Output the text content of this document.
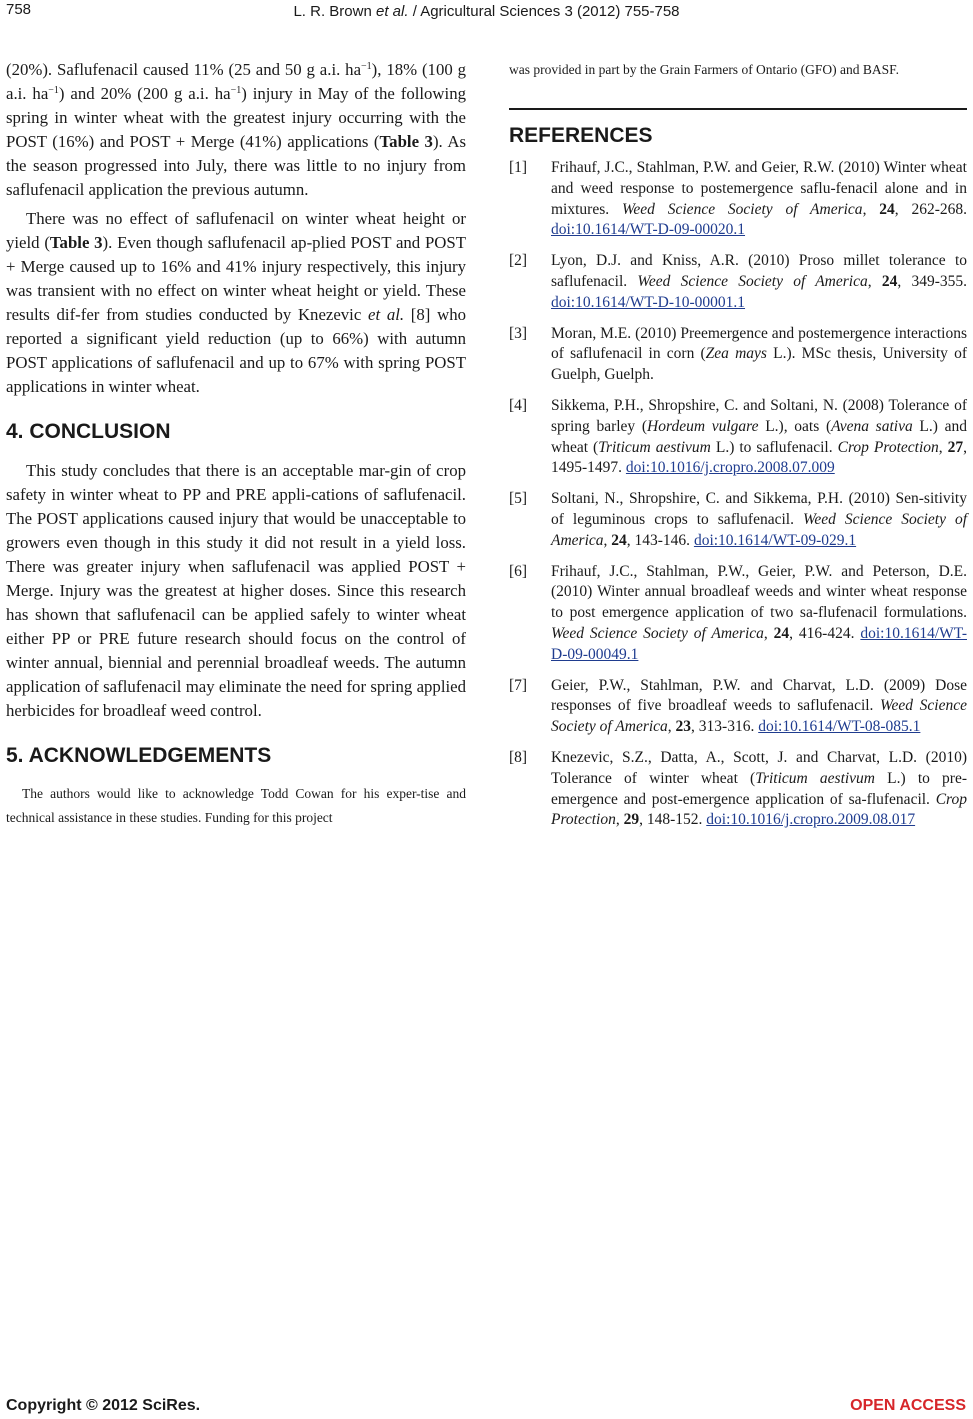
758	L. R. Brown et al. / Agricultural Sciences 3 (2012) 755-758

(20%). Saflufenacil caused 11% (25 and 50 g a.i. $ha^{-1}$), 18% (100 g a.i. $ha^{-1}$) and 20% (200 g a.i. $ha^{-1}$) injury in May of the following spring in winter wheat with the greatest injury occurring with the POST (16%) and POST + Merge (41%) applications (Table 3). As the season progressed into July, there was little to no injury from saflufenacil application the previous autumn.

There was no effect of saflufenacil on winter wheat height or yield (Table 3). Even though saflufenacil ap-plied POST and POST + Merge caused up to 16% and 41% injury respectively, this injury was transient with no effect on winter wheat height or yield. These results dif-fer from studies conducted by Knezevic et al. [8] who reported a significant yield reduction (up to 66%) with autumn POST applications of saflufenacil and up to 67% with spring POST applications in winter wheat.

4. CONCLUSION

This study concludes that there is an acceptable mar-gin of crop safety in winter wheat to PP and PRE appli-cations of saflufenacil. The POST applications caused injury that would be unacceptable to growers even though in this study it did not result in a yield loss. There was greater injury when saflufenacil was applied POST + Merge. Injury was the greatest at higher doses. Since this research has shown that saflufenacil can be applied safely to winter wheat either PP or PRE future research should focus on the control of winter annual, biennial and perennial broadleaf weeds. The autumn application of saflufenacil may eliminate the need for spring applied herbicides for broadleaf weed control.

5. ACKNOWLEDGEMENTS

The authors would like to acknowledge Todd Cowan for his exper-tise and technical assistance in these studies. Funding for this project

was provided in part by the Grain Farmers of Ontario (GFO) and BASF.

REFERENCES
[1]	Frihauf, J.C., Stahlman, P.W. and Geier, R.W. (2010) Winter wheat and weed response to postemergence saflu-fenacil alone and in mixtures. Weed Science Society of America, 24, 262-268. doi:10.1614/WT-D-09-00020.1
[2]	Lyon, D.J. and Kniss, A.R. (2010) Proso millet tolerance to saflufenacil. Weed Science Society of America, 24, 349-355. doi:10.1614/WT-D-10-00001.1
[3]	Moran, M.E. (2010) Preemergence and postemergence interactions of saflufenacil in corn (Zea mays L.). MSc thesis, University of Guelph, Guelph.
[4]	Sikkema, P.H., Shropshire, C. and Soltani, N. (2008) Tolerance of spring barley (Hordeum vulgare L.), oats (Avena sativa L.) and wheat (Triticum aestivum L.) to saflufenacil. Crop Protection, 27, 1495-1497. doi:10.1016/j.cropro.2008.07.009
[5]	Soltani, N., Shropshire, C. and Sikkema, P.H. (2010) Sen-sitivity of leguminous crops to saflufenacil. Weed Science Society of America, 24, 143-146. doi:10.1614/WT-09-029.1
[6]	Frihauf, J.C., Stahlman, P.W., Geier, P.W. and Peterson, D.E. (2010) Winter annual broadleaf weeds and winter wheat response to post emergence application of two sa-flufenacil formulations. Weed Science Society of America, 24, 416-424. doi:10.1614/WT-D-09-00049.1
[7]	Geier, P.W., Stahlman, P.W. and Charvat, L.D. (2009) Dose responses of five broadleaf weeds to saflufenacil. Weed Science Society of America, 23, 313-316. doi:10.1614/WT-08-085.1
[8]	Knezevic, S.Z., Datta, A., Scott, J. and Charvat, L.D. (2010) Tolerance of winter wheat (Triticum aestivum L.) to pre-emergence and post-emergence application of sa-flufenacil. Crop Protection, 29, 148-152. doi:10.1016/j.cropro.2009.08.017
Copyright © 2012 SciRes.	OPEN ACCESS
